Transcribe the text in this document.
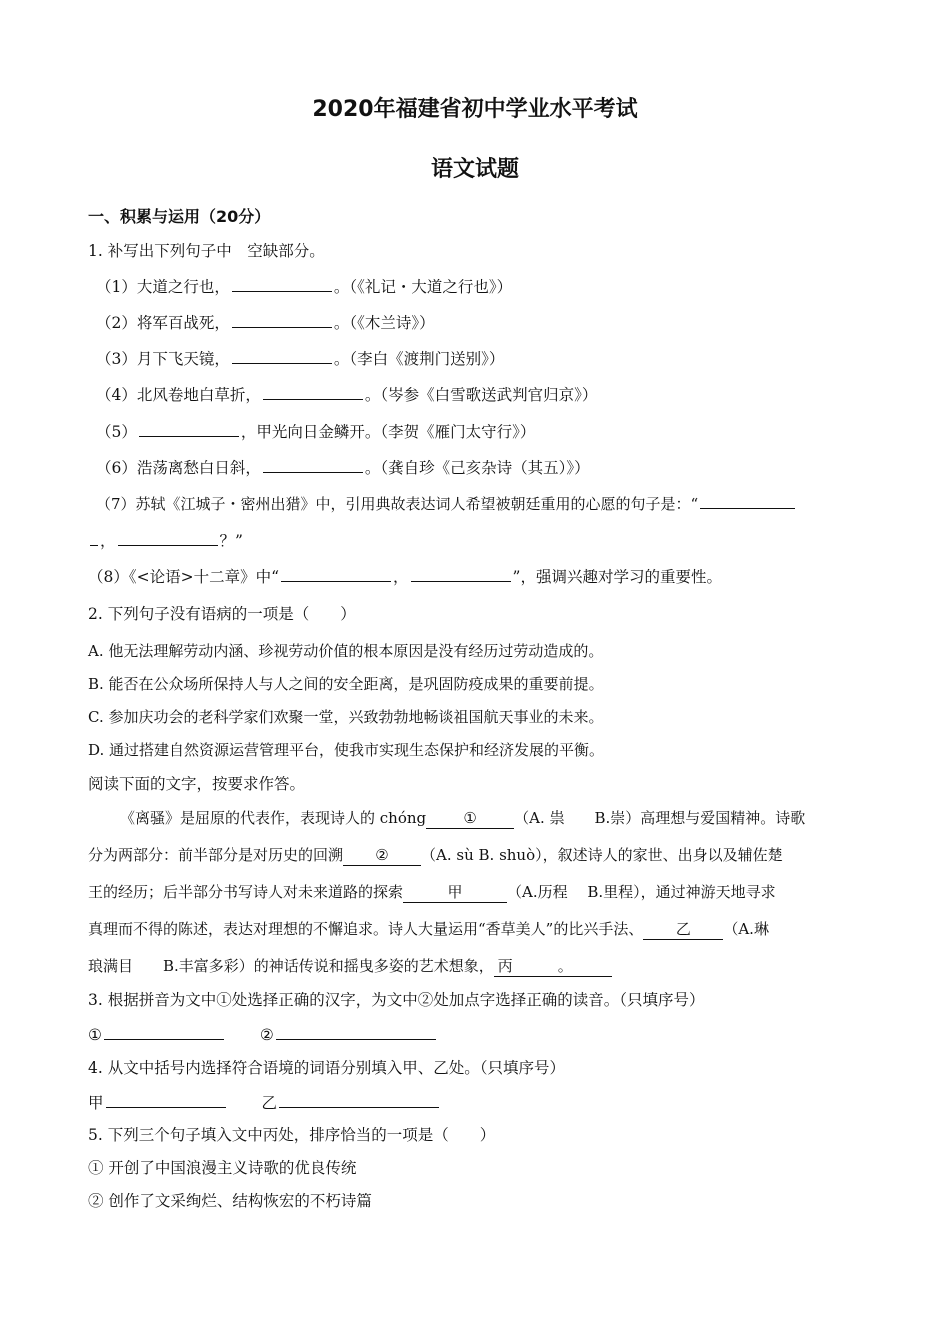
2020年福建省初中学业水平考试
语文试题
一、积累与运用（20分）
1. 补写出下列句子中　空缺部分。
（1）大道之行也，	。（《礼记・大道之行也》）
（2）将军百战死，	。（《木兰诗》）
（3）月下飞天镜，	。（李白《渡荆门送别》）
（4）北风卷地白草折，	。（岑参《白雪歌送武判官归京》）
（5）	，甲光向日金鳞开。（李贺《雁门太守行》）
（6）浩荡离愁白日斜，	。（龚自珍《己亥杂诗（其五）》）
（7）苏轼《江城子・密州出猎》中，引用典故表达词人希望被朝廷重用的心愿的句子是：“
，	？”
（8）《<论语>十二章》中“	，	”，强调兴趣对学习的重要性。
2. 下列句子没有语病的一项是（　　）
A. 他无法理解劳动内涵、珍视劳动价值的根本原因是没有经历过劳动造成的。
B. 能否在公众场所保持人与人之间的安全距离，是巩固防疫成果的重要前提。
C. 参加庆功会的老科学家们欢聚一堂，兴致勃勃地畅谈祖国航天事业的未来。
D. 通过搭建自然资源运营管理平台，使我市实现生态保护和经济发展的平衡。
阅读下面的文字，按要求作答。
《离骚》是屈原的代表作，表现诗人的 chóng ① （A. 祟　　B.崇）高理想与爱国精神。诗歌
分为两部分：前半部分是对历史的回溯 ② （A. sù B. shuò），叙述诗人的家世、出身以及辅佐楚
王的经历；后半部分书写诗人对未来道路的探索	甲	（A.历程　 B.里程），通过神游天地寻求
真理而不得的陈述，表达对理想的不懈追求。诗人大量运用“香草美人”的比兴手法、 乙 （A.琳
琅满目　　B.丰富多彩）的神话传说和摇曳多姿的艺术想象， 丙　　　。
3. 根据拼音为文中①处选择正确的汉字，为文中②处加点字选择正确的读音。（只填序号）
①	②
4. 从文中括号内选择符合语境的词语分别填入甲、乙处。（只填序号）
甲	乙
5. 下列三个句子填入文中丙处，排序恰当的一项是（　　）
① 开创了中国浪漫主义诗歌的优良传统
② 创作了文采绚烂、结构恢宏的不朽诗篇
